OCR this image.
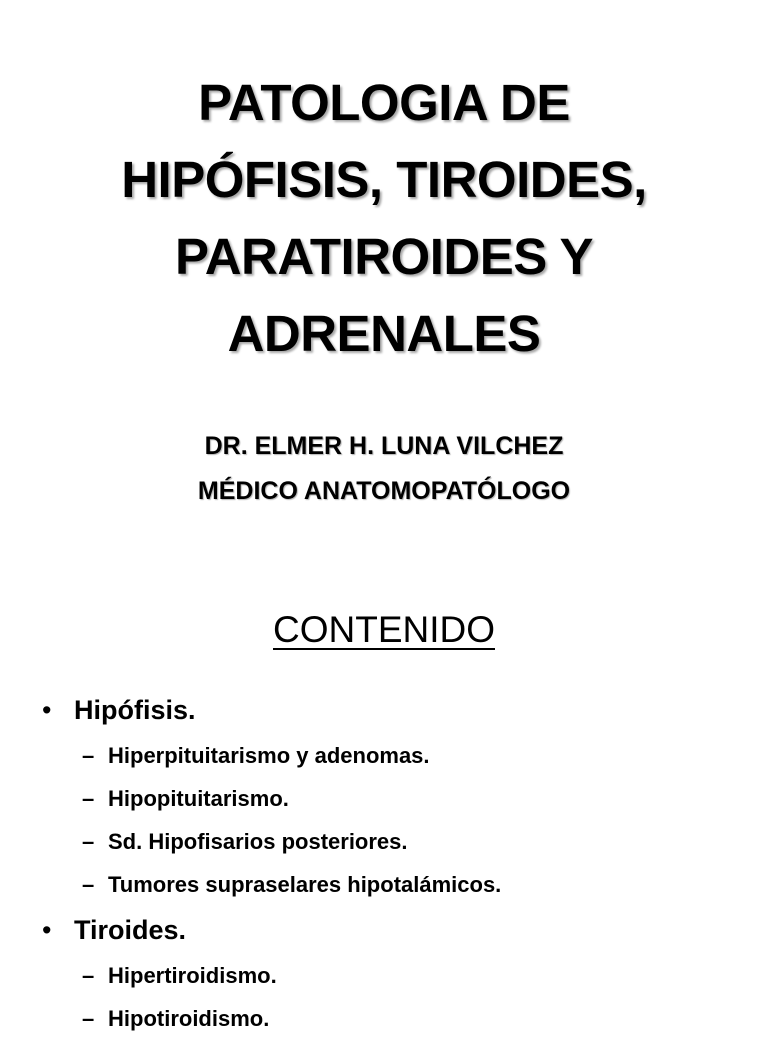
PATOLOGIA DE
HIPÓFISIS, TIROIDES,
PARATIROIDES Y
ADRENALES
DR. ELMER H. LUNA VILCHEZ
MÉDICO ANATOMOPATÓLOGO
CONTENIDO
• Hipófisis.
– Hiperpituitarismo y adenomas.
– Hipopituitarismo.
– Sd. Hipofisarios posteriores.
– Tumores supraselares hipotalámicos.
• Tiroides.
– Hipertiroidismo.
– Hipotiroidismo.
